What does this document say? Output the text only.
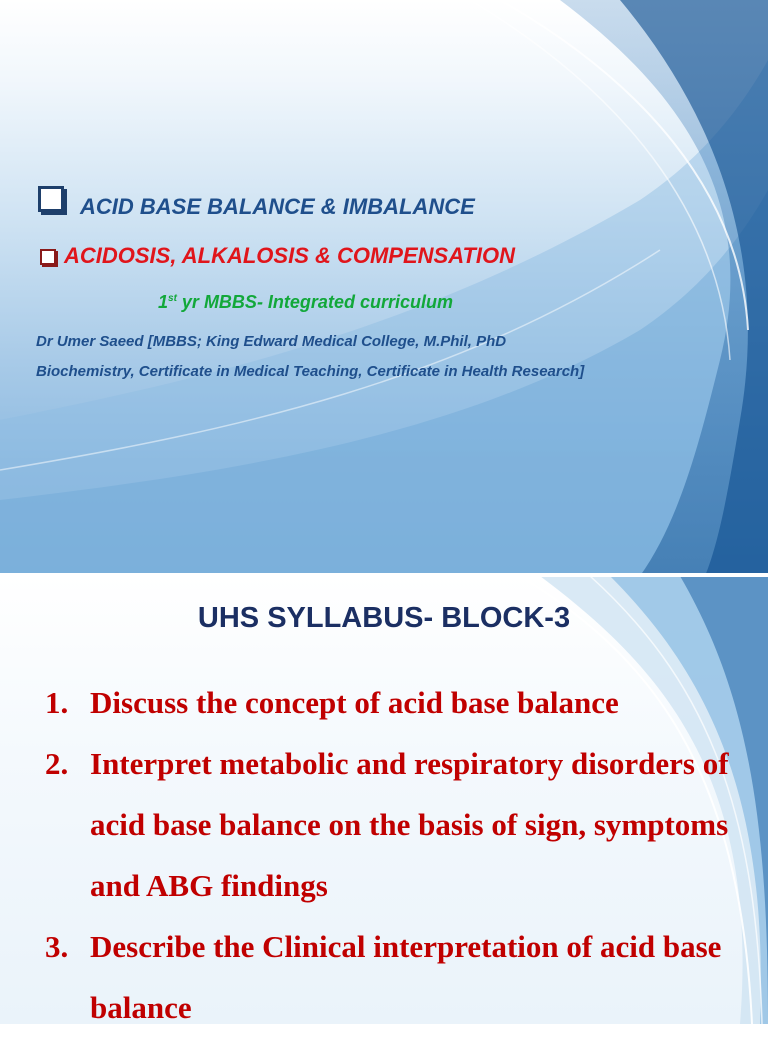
ACID BASE BALANCE & IMBALANCE

ACIDOSIS, ALKALOSIS & COMPENSATION

1st yr MBBS- Integrated curriculum

Dr Umer Saeed [MBBS; King Edward Medical College, M.Phil, PhD Biochemistry, Certificate in Medical Teaching, Certificate in Health Research]

UHS SYLLABUS- BLOCK-3

1. Discuss the concept of acid base balance
2. Interpret metabolic and respiratory disorders of acid base balance on the basis of sign, symptoms and ABG findings
3. Describe the Clinical interpretation of acid base balance
